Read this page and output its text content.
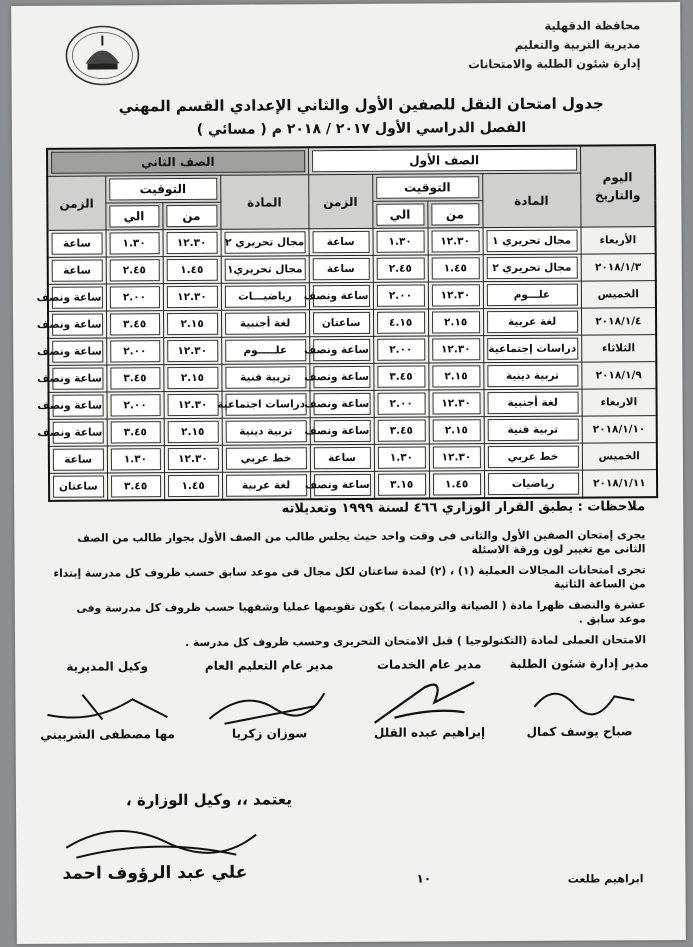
محافظة الدقهلية
مديرية التربية والتعليم
إدارة شئون الطلبة والامتحانات
جدول امتحان النقل للصفين الأول والثاني الإعدادي القسم المهني
الفصل الدراسي الأول ٢٠١٧ / ٢٠١٨ م ( مسائي )
اليوم والتاريخ	الصف الأول				الصف الثاني			

	المادة	التوقيت		الزمن	المادة	التوقيت		الزمن

		من	الي			من	الي	

الأربعاء	مجال تحريري ١	١٢.٣٠	١.٣٠	ساعة	مجال تحريري ٢	١٢.٣٠	١.٣٠	ساعة

٢٠١٨/١/٣	مجال تحريري ٢	١.٤٥	٢.٤٥	ساعة	مجال تحريري١	١.٤٥	٢.٤٥	ساعة

الخميس	علـــوم	١٢.٣٠	٢.٠٠	ساعة ونصف	رياضيـــات	١٢.٣٠	٢.٠٠	ساعة ونصف

٢٠١٨/١/٤	لغة عربية	٢.١٥	٤.١٥	ساعتان	لغة أجنبية	٢.١٥	٣.٤٥	ساعة ونصف

الثلاثاء	دراسات إجتماعية	١٢.٣٠	٢.٠٠	ساعة ونصف	علـــــوم	١٢.٣٠	٢.٠٠	ساعة ونصف

٢٠١٨/١/٩	تربية دينية	٢.١٥	٣.٤٥	ساعة ونصف	تربية فنية	٢.١٥	٣.٤٥	ساعة ونصف

الاربعاء	لغة أجنبية	١٢.٣٠	٢.٠٠	ساعة ونصف	دراسات اجتماعية	١٢.٣٠	٢.٠٠	ساعة ونصف

٢٠١٨/١/١٠	تربية فنية	٢.١٥	٣.٤٥	ساعة ونصف	تربية دينية	٢.١٥	٣.٤٥	ساعة ونصف

الخميس	خط عربي	١٢.٣٠	١.٣٠	ساعة	خط عربي	١٢.٣٠	١.٣٠	ساعة

٢٠١٨/١/١١	رياضيات	١.٤٥	٣.١٥	ساعة ونصف	لغة عربية	١.٤٥	٣.٤٥	ساعتان
ملاحظات : يطبق القرار الوزاري ٤٦٦ لسنة ١٩٩٩ وتعديلاته

يجرى إمتحان الصفين الأول والثانى فى وقت واحد حيث يجلس طالب من الصف الأول بجوار طالب من الصف الثانى مع تغيير لون ورقة الاسئلة

تجرى امتحانات المجالات العملية (١) ، (٢) لمدة ساعتان لكل مجال فى موعد سابق حسب ظروف كل مدرسة إبتداء من الساعة الثانية

عشرة والنصف ظهرا مادة ( الصيانة والترميمات ) يكون تقويمها عمليا وشفهيا حسب ظروف كل مدرسة وفى موعد سابق .

الامتحان العملى لمادة (التكنولوجيا ) قبل الامتحان التحريرى وحسب ظروف كل مدرسة .

مدير إدارة شئون الطلبة
صباح يوسف كمال
مدير عام الخدمات
إبراهيم عبده القلل
مدير عام التعليم العام
سوزان زكريا
وكيل المديرية
مها مصطفى الشربيني
يعتمد ،، وكيل الوزارة ،
علي عبد الرؤوف احمد	١٠	ابراهيم طلعت
